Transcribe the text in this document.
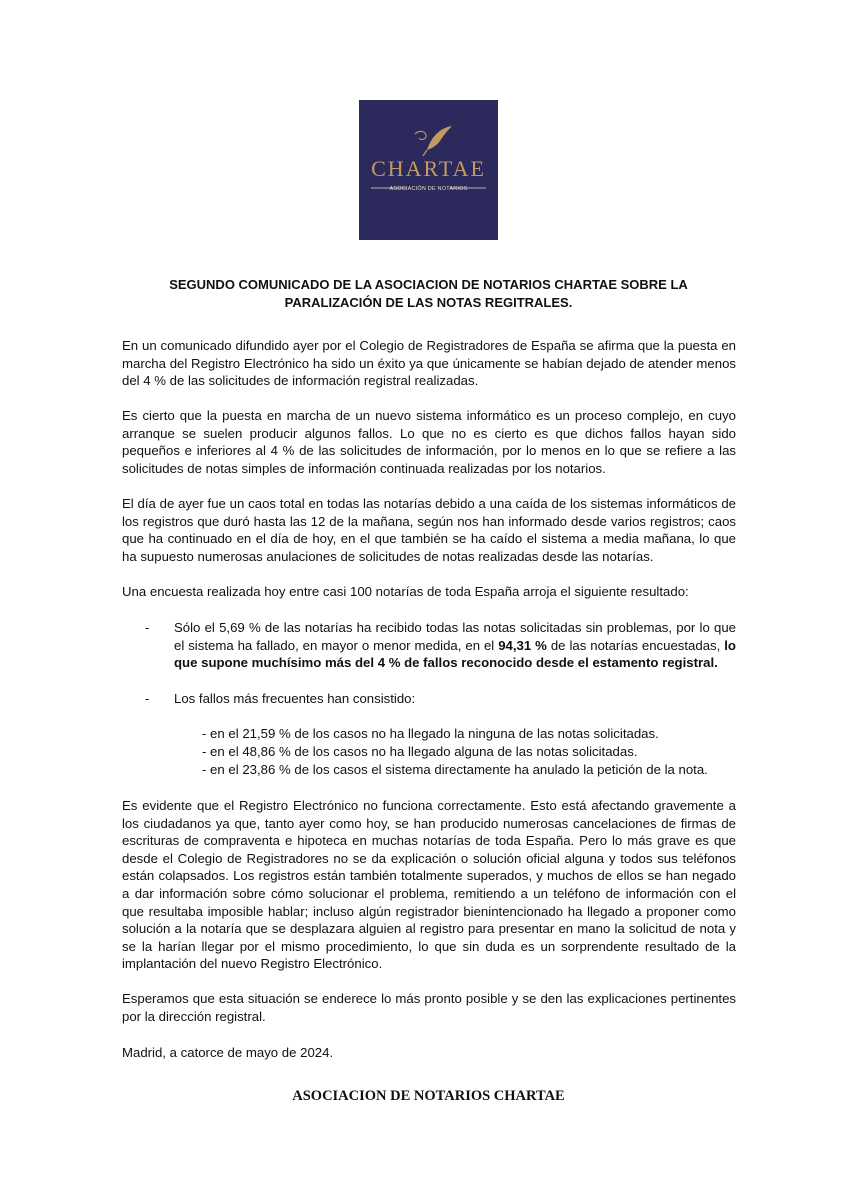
CHARTAE
ASOCIACIÓN DE NOTARIOS
SEGUNDO COMUNICADO DE LA ASOCIACION DE NOTARIOS CHARTAE SOBRE LA PARALIZACIÓN DE LAS NOTAS REGITRALES.

En un comunicado difundido ayer por el Colegio de Registradores de España se afirma que la puesta en marcha del Registro Electrónico ha sido un éxito ya que únicamente se habían dejado de atender menos del 4 % de las solicitudes de información registral realizadas.

Es cierto que la puesta en marcha de un nuevo sistema informático es un proceso complejo, en cuyo arranque se suelen producir algunos fallos. Lo que no es cierto es que dichos fallos hayan sido pequeños e inferiores al 4 % de las solicitudes de información, por lo menos en lo que se refiere a las solicitudes de notas simples de información continuada realizadas por los notarios.

El día de ayer fue un caos total en todas las notarías debido a una caída de los sistemas informáticos de los registros que duró hasta las 12 de la mañana, según nos han informado desde varios registros; caos que ha continuado en el día de hoy, en el que también se ha caído el sistema a media mañana, lo que ha supuesto numerosas anulaciones de solicitudes de notas realizadas desde las notarías.

Una encuesta realizada hoy entre casi 100 notarías de toda España arroja el siguiente resultado:

- Sólo el 5,69 % de las notarías ha recibido todas las notas solicitadas sin problemas, por lo que el sistema ha fallado, en mayor o menor medida, en el 94,31 % de las notarías encuestadas, lo que supone muchísimo más del 4 % de fallos reconocido desde el estamento registral.

- Los fallos más frecuentes han consistido:

- en el 21,59 % de los casos no ha llegado la ninguna de las notas solicitadas.
- en el 48,86 % de los casos no ha llegado alguna de las notas solicitadas.
- en el 23,86 % de los casos el sistema directamente ha anulado la petición de la nota.

Es evidente que el Registro Electrónico no funciona correctamente. Esto está afectando gravemente a los ciudadanos ya que, tanto ayer como hoy, se han producido numerosas cancelaciones de firmas de escrituras de compraventa e hipoteca en muchas notarías de toda España. Pero lo más grave es que desde el Colegio de Registradores no se da explicación o solución oficial alguna y todos sus teléfonos están colapsados. Los registros están también totalmente superados, y muchos de ellos se han negado a dar información sobre cómo solucionar el problema, remitiendo a un teléfono de información con el que resultaba imposible hablar; incluso algún registrador bienintencionado ha llegado a proponer como solución a la notaría que se desplazara alguien al registro para presentar en mano la solicitud de nota y se la harían llegar por el mismo procedimiento, lo que sin duda es un sorprendente resultado de la implantación del nuevo Registro Electrónico.

Esperamos que esta situación se enderece lo más pronto posible y se den las explicaciones pertinentes por la dirección registral.

Madrid, a catorce de mayo de 2024.

ASOCIACION DE NOTARIOS CHARTAE
